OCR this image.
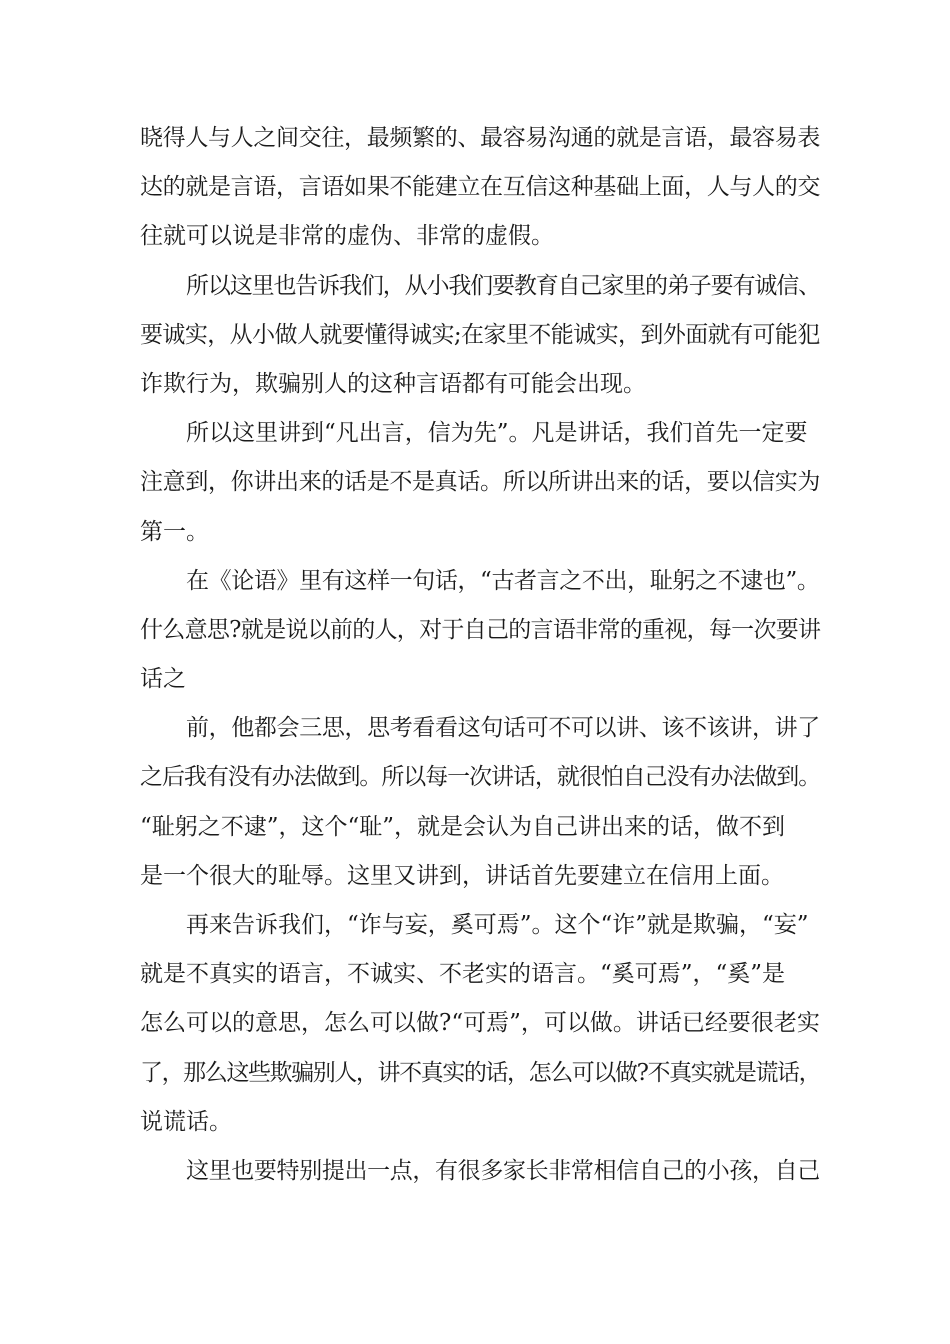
晓得人与人之间交往，最频繁的、最容易沟通的就是言语，最容易表
达的就是言语，言语如果不能建立在互信这种基础上面，人与人的交
往就可以说是非常的虚伪、非常的虚假。
所以这里也告诉我们，从小我们要教育自己家里的弟子要有诚信、
要诚实，从小做人就要懂得诚实;在家里不能诚实，到外面就有可能犯
诈欺行为，欺骗别人的这种言语都有可能会出现。
所以这里讲到“凡出言，信为先”。凡是讲话，我们首先一定要
注意到，你讲出来的话是不是真话。所以所讲出来的话，要以信实为
第一。
在《论语》里有这样一句话，“古者言之不出，耻躬之不逮也”。
什么意思?就是说以前的人，对于自己的言语非常的重视，每一次要讲
话之
前，他都会三思，思考看看这句话可不可以讲、该不该讲，讲了
之后我有没有办法做到。所以每一次讲话，就很怕自己没有办法做到。
“耻躬之不逮”，这个“耻”，就是会认为自己讲出来的话，做不到
是一个很大的耻辱。这里又讲到，讲话首先要建立在信用上面。
再来告诉我们，“诈与妄，奚可焉”。这个“诈”就是欺骗，“妄”
就是不真实的语言，不诚实、不老实的语言。“奚可焉”，“奚”是
怎么可以的意思，怎么可以做?“可焉”，可以做。讲话已经要很老实
了，那么这些欺骗别人，讲不真实的话，怎么可以做?不真实就是谎话，
说谎话。
这里也要特别提出一点，有很多家长非常相信自己的小孩，自己
